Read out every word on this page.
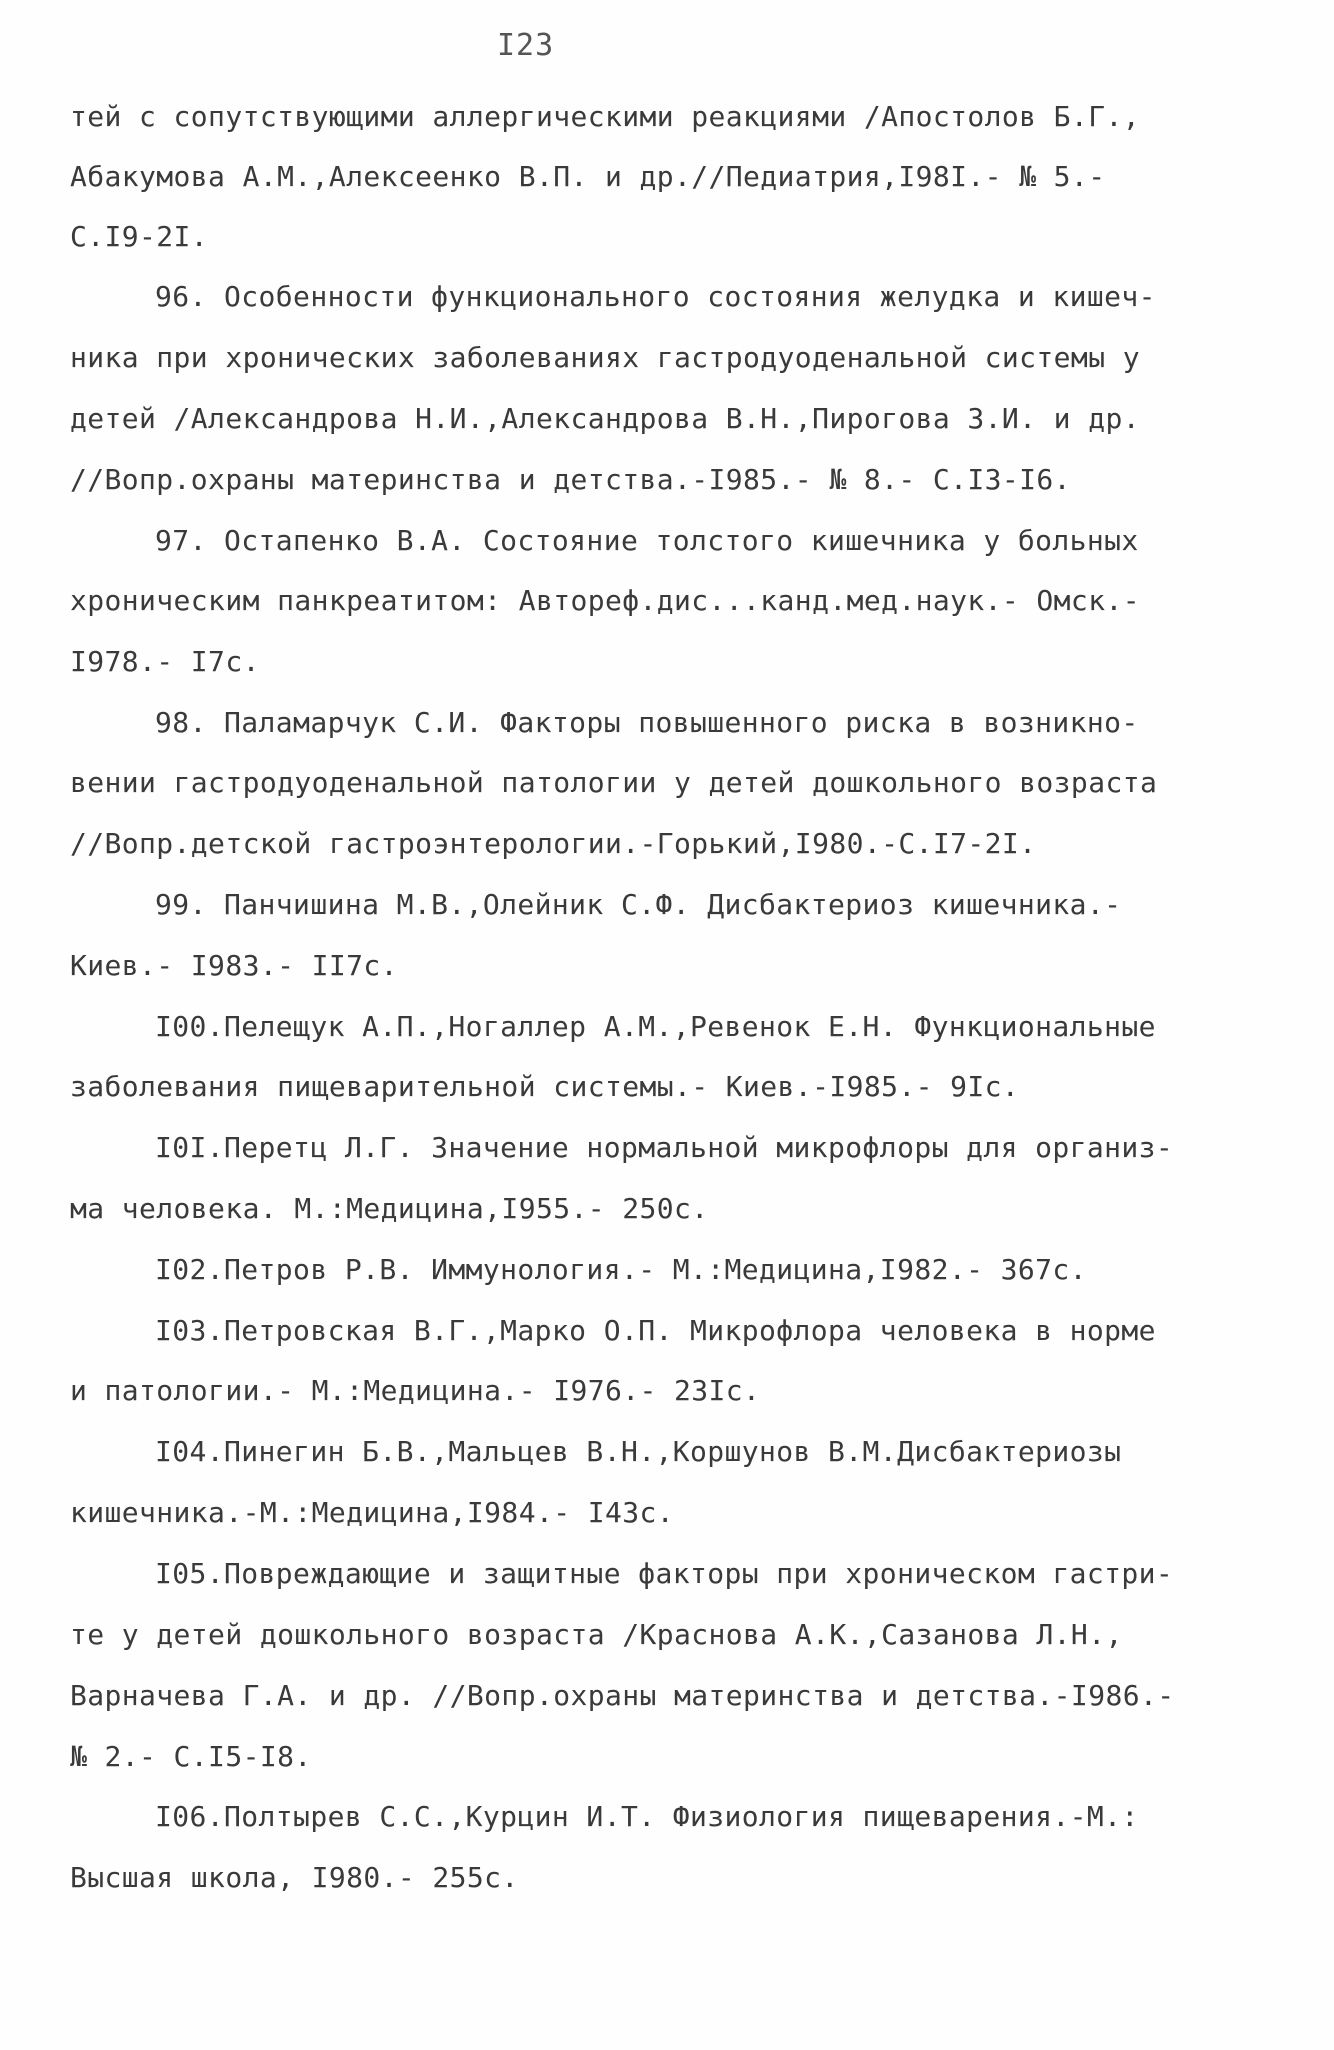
I23
тей с сопутствующими аллергическими реакциями /Апостолов Б.Г.,
Абакумова А.М.,Алексеенко В.П. и др.//Педиатрия,I98I.- № 5.-
С.I9-2I.
96. Особенности функционального состояния желудка и кишеч-
ника при хронических заболеваниях гастродуоденальной системы у
детей /Александрова Н.И.,Александрова В.Н.,Пирогова З.И. и др.
//Вопр.охраны материнства и детства.-I985.- № 8.- С.I3-I6.
97. Остапенко В.А. Состояние толстого кишечника у больных
хроническим панкреатитом: Автореф.дис...канд.мед.наук.- Омск.-
I978.- I7с.
98. Паламарчук С.И. Факторы повышенного риска в возникно-
вении гастродуоденальной патологии у детей дошкольного возраста
//Вопр.детской гастроэнтерологии.-Горький,I980.-С.I7-2I.
99. Панчишина М.В.,Олейник С.Ф. Дисбактериоз кишечника.-
Киев.- I983.- II7с.
I00.Пелещук А.П.,Ногаллер А.М.,Ревенок Е.Н. Функциональные
заболевания пищеварительной системы.- Киев.-I985.- 9Iс.
I0I.Перетц Л.Г. Значение нормальной микрофлоры для организ-
ма человека. М.:Медицина,I955.- 250с.
I02.Петров Р.В. Иммунология.- М.:Медицина,I982.- 367с.
I03.Петровская В.Г.,Марко О.П. Микрофлора человека в норме
и патологии.- М.:Медицина.- I976.- 23Iс.
I04.Пинегин Б.В.,Мальцев В.Н.,Коршунов В.М.Дисбактериозы
кишечника.-М.:Медицина,I984.- I43с.
I05.Повреждающие и защитные факторы при хроническом гастри-
те у детей дошкольного возраста /Краснова А.К.,Сазанова Л.Н.,
Варначева Г.А. и др. //Вопр.охраны материнства и детства.-I986.-
№ 2.- С.I5-I8.
I06.Полтырев С.С.,Курцин И.Т. Физиология пищеварения.-М.:
Высшая школа, I980.- 255с.
